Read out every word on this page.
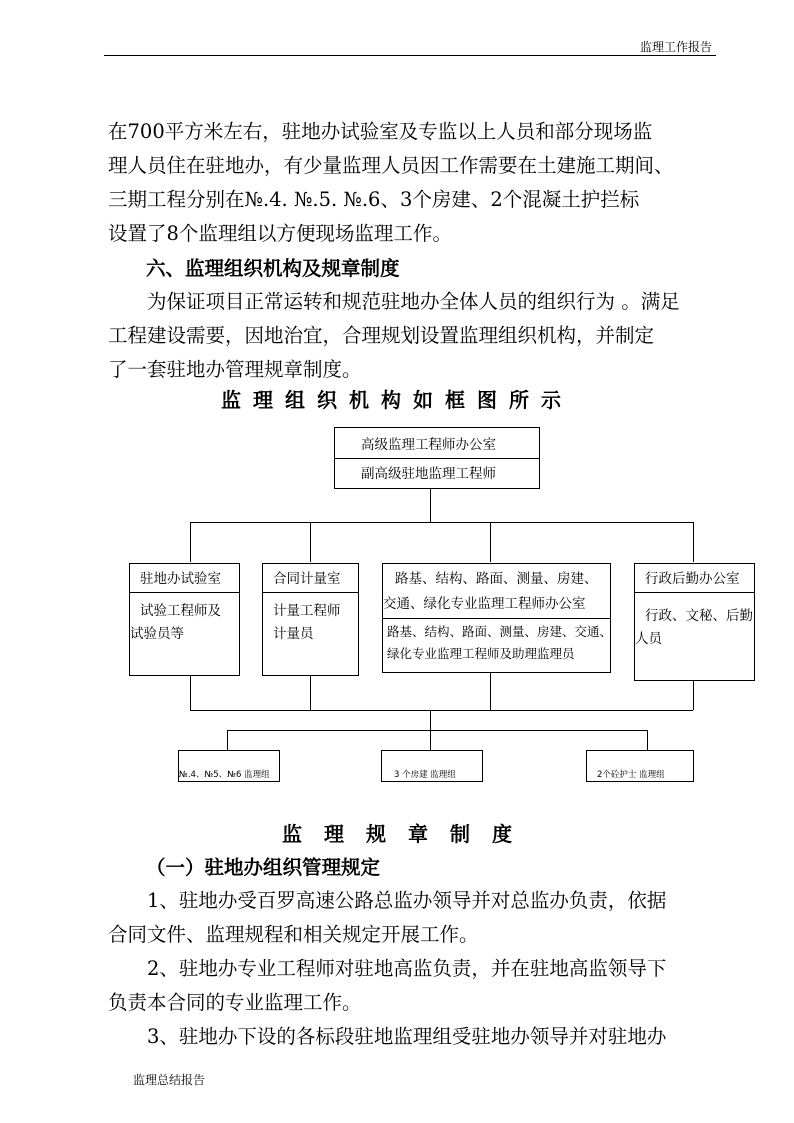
监理工作报告
在700平方米左右，驻地办试验室及专监以上人员和部分现场监
理人员住在驻地办，有少量监理人员因工作需要在土建施工期间、
三期工程分别在№.4. №.5. №.6、3个房建、2个混凝土护拦标
设置了8个监理组以方便现场监理工作。
六、监理组织机构及规章制度
为保证项目正常运转和规范驻地办全体人员的组织行为 。满足
工程建设需要，因地治宜，合理规划设置监理组织机构，并制定
了一套驻地办管理规章制度。
监理组织机构如框图所示
高级监理工程师办公室
副高级驻地监理工程师
驻地办试验室
试验工程师及
试验员等
合同计量室
计量工程师
计量员
路基、结构、路面、测量、房建、
交通、绿化专业监理工程师办公室
路基、结构、路面、测量、房建、交通、
绿化专业监理工程师及助理监理员
行政后勤办公室
行政、文秘、后勤
人员
№.4、№5、№6 监理组	3 个房建 监理组	2个砼护士 监理组
监理规章制度
（一）驻地办组织管理规定
1、驻地办受百罗高速公路总监办领导并对总监办负责，依据
合同文件、监理规程和相关规定开展工作。
2、驻地办专业工程师对驻地高监负责，并在驻地高监领导下
负责本合同的专业监理工作。
3、驻地办下设的各标段驻地监理组受驻地办领导并对驻地办
监理总结报告
